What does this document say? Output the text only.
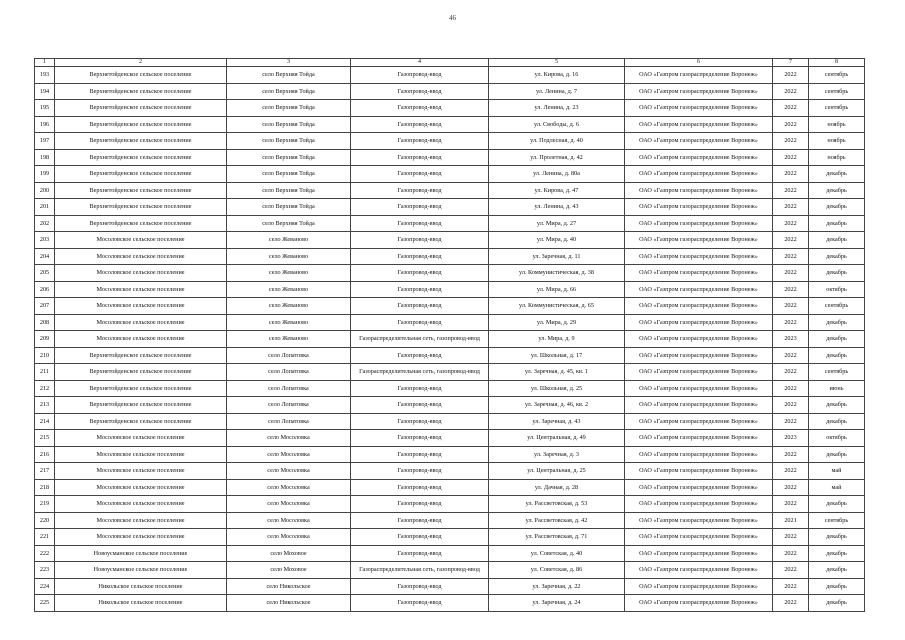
46
1	2	3	4	5	6	7	8
193	Верхнетойденское сельское поселение	село Верхняя Тойда	Газопровод-ввод	ул. Кирова, д. 16	ОАО «Газпром газораспределение Воронеж»	2022	сентябрь
194	Верхнетойденское сельское поселение	село Верхняя Тойда	Газопровод-ввод	ул. Ленина, д. 7	ОАО «Газпром газораспределение Воронеж»	2022	сентябрь
195	Верхнетойденское сельское поселение	село Верхняя Тойда	Газопровод-ввод	ул. Ленина, д. 23	ОАО «Газпром газораспределение Воронеж»	2022	сентябрь
196	Верхнетойденское сельское поселение	село Верхняя Тойда	Газопровод-ввод	ул. Свободы, д. 6	ОАО «Газпром газораспределение Воронеж»	2022	ноябрь
197	Верхнетойденское сельское поселение	село Верхняя Тойда	Газопровод-ввод	ул. Подлесная, д. 40	ОАО «Газпром газораспределение Воронеж»	2022	ноябрь
198	Верхнетойденское сельское поселение	село Верхняя Тойда	Газопровод-ввод	ул. Пролетная, д. 42	ОАО «Газпром газораспределение Воронеж»	2022	ноябрь
199	Верхнетойденское сельское поселение	село Верхняя Тойда	Газопровод-ввод	ул. Ленина, д. 80а	ОАО «Газпром газораспределение Воронеж»	2022	декабрь
200	Верхнетойденское сельское поселение	село Верхняя Тойда	Газопровод-ввод	ул. Кирова, д. 47	ОАО «Газпром газораспределение Воронеж»	2022	декабрь
201	Верхнетойденское сельское поселение	село Верхняя Тойда	Газопровод-ввод	ул. Ленина, д. 43	ОАО «Газпром газораспределение Воронеж»	2022	декабрь
202	Верхнетойденское сельское поселение	село Верхняя Тойда	Газопровод-ввод	ул. Мира, д. 27	ОАО «Газпром газораспределение Воронеж»	2022	декабрь
203	Мосоловское сельское поселение	село Жеваново	Газопровод-ввод	ул. Мира, д. 40	ОАО «Газпром газораспределение Воронеж»	2022	декабрь
204	Мосоловское сельское поселение	село Жеваново	Газопровод-ввод	ул. Заречная, д. 11	ОАО «Газпром газораспределение Воронеж»	2022	декабрь
205	Мосоловское сельское поселение	село Жеваново	Газопровод-ввод	ул. Коммунистическая, д. 38	ОАО «Газпром газораспределение Воронеж»	2022	декабрь
206	Мосоловское сельское поселение	село Жеваново	Газопровод-ввод	ул. Мира, д. 66	ОАО «Газпром газораспределение Воронеж»	2022	октябрь
207	Мосоловское сельское поселение	село Жеваново	Газопровод-ввод	ул. Коммунистическая, д. 65	ОАО «Газпром газораспределение Воронеж»	2022	сентябрь
208	Мосоловское сельское поселение	село Жеваново	Газопровод-ввод	ул. Мира, д. 29	ОАО «Газпром газораспределение Воронеж»	2022	декабрь
209	Мосоловское сельское поселение	село Жеваново	Газораспределительная сеть, газопровод-ввод	ул. Мира, д. 9	ОАО «Газпром газораспределение Воронеж»	2023	декабрь
210	Верхнетойденское сельское поселение	село Лопатовка	Газопровод-ввод	ул. Школьная, д. 17	ОАО «Газпром газораспределение Воронеж»	2022	декабрь
211	Верхнетойденское сельское поселение	село Лопатовка	Газораспределительная сеть, газопровод-ввод	ул. Заречная, д. 45, кв. 1	ОАО «Газпром газораспределение Воронеж»	2022	сентябрь
212	Верхнетойденское сельское поселение	село Лопатовка	Газопровод-ввод	ул. Школьная, д. 25	ОАО «Газпром газораспределение Воронеж»	2022	июнь
213	Верхнетойденское сельское поселение	село Лопатовка	Газопровод-ввод	ул. Заречная, д. 46, кв. 2	ОАО «Газпром газораспределение Воронеж»	2022	декабрь
214	Верхнетойденское сельское поселение	село Лопатовка	Газопровод-ввод	ул. Заречная, д. 43	ОАО «Газпром газораспределение Воронеж»	2022	декабрь
215	Мосоловское сельское поселение	село Мосоловка	Газопровод-ввод	ул. Центральная, д. 49	ОАО «Газпром газораспределение Воронеж»	2023	октябрь
216	Мосоловское сельское поселение	село Мосоловка	Газопровод-ввод	ул. Заречная, д. 3	ОАО «Газпром газораспределение Воронеж»	2022	декабрь
217	Мосоловское сельское поселение	село Мосоловка	Газопровод-ввод	ул. Центральная, д. 25	ОАО «Газпром газораспределение Воронеж»	2022	май
218	Мосоловское сельское поселение	село Мосоловка	Газопровод-ввод	ул. Дачная, д. 28	ОАО «Газпром газораспределение Воронеж»	2022	май
219	Мосоловское сельское поселение	село Мосоловка	Газопровод-ввод	ул. Рассветовская, д. 53	ОАО «Газпром газораспределение Воронеж»	2022	декабрь
220	Мосоловское сельское поселение	село Мосоловка	Газопровод-ввод	ул. Рассветовская, д. 42	ОАО «Газпром газораспределение Воронеж»	2021	сентябрь
221	Мосоловское сельское поселение	село Мосоловка	Газопровод-ввод	ул. Рассветовская, д. 71	ОАО «Газпром газораспределение Воронеж»	2022	декабрь
222	Новоусманское сельское поселение	село Моховое	Газопровод-ввод	ул. Советская, д. 40	ОАО «Газпром газораспределение Воронеж»	2022	декабрь
223	Новоусманское сельское поселение	село Моховое	Газораспределительная сеть, газопровод-ввод	ул. Советская, д. 86	ОАО «Газпром газораспределение Воронеж»	2022	декабрь
224	Никольское сельское поселение	село Никольское	Газопровод-ввод	ул. Заречная, д. 22	ОАО «Газпром газораспределение Воронеж»	2022	декабрь
225	Никольское сельское поселение	село Никольское	Газопровод-ввод	ул. Заречная, д. 24	ОАО «Газпром газораспределение Воронеж»	2022	декабрь
